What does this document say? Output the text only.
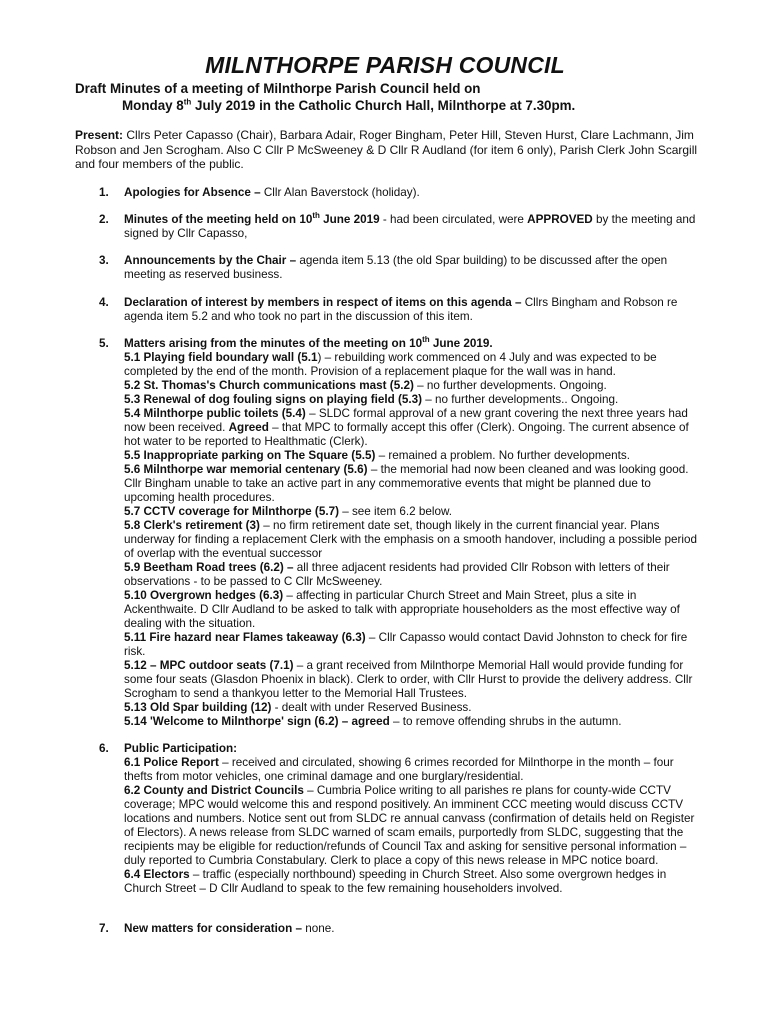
MILNTHORPE PARISH COUNCIL
Draft Minutes of a meeting of Milnthorpe Parish Council held on
Monday 8th July 2019 in the Catholic Church Hall, Milnthorpe at 7.30pm.
Present: Cllrs Peter Capasso (Chair), Barbara Adair, Roger Bingham, Peter Hill, Steven Hurst, Clare Lachmann, Jim Robson and Jen Scrogham. Also C Cllr P McSweeney & D Cllr R Audland (for item 6 only), Parish Clerk John Scargill and four members of the public.
1.	Apologies for Absence – Cllr Alan Baverstock (holiday).
2.	Minutes of the meeting held on 10th June 2019 - had been circulated, were APPROVED by the meeting and signed by Cllr Capasso,
3.	Announcements by the Chair – agenda item 5.13 (the old Spar building) to be discussed after the open meeting as reserved business.
4.	Declaration of interest by members in respect of items on this agenda – Cllrs Bingham and Robson re agenda item 5.2 and who took no part in the discussion of this item.
5.	Matters arising from the minutes of the meeting on 10th June 2019.
5.1 Playing field boundary wall (5.1) – rebuilding work commenced on 4 July and was expected to be completed by the end of the month. Provision of a replacement plaque for the wall was in hand.
5.2 St. Thomas's Church communications mast (5.2) – no further developments. Ongoing.
5.3 Renewal of dog fouling signs on playing field (5.3) – no further developments.. Ongoing.
5.4 Milnthorpe public toilets (5.4) – SLDC formal approval of a new grant covering the next three years had now been received. Agreed – that MPC to formally accept this offer (Clerk). Ongoing. The current absence of hot water to be reported to Healthmatic (Clerk).
5.5 Inappropriate parking on The Square (5.5) – remained a problem. No further developments.
5.6 Milnthorpe war memorial centenary (5.6) – the memorial had now been cleaned and was looking good. Cllr Bingham unable to take an active part in any commemorative events that might be planned due to upcoming health procedures.
5.7 CCTV coverage for Milnthorpe (5.7) – see item 6.2 below.
5.8 Clerk's retirement (3) – no firm retirement date set, though likely in the current financial year. Plans underway for finding a replacement Clerk with the emphasis on a smooth handover, including a possible period of overlap with the eventual successor
5.9 Beetham Road trees (6.2) – all three adjacent residents had provided Cllr Robson with letters of their observations - to be passed to C Cllr McSweeney.
5.10 Overgrown hedges (6.3) – affecting in particular Church Street and Main Street, plus a site in Ackenthwaite. D Cllr Audland to be asked to talk with appropriate householders as the most effective way of dealing with the situation.
5.11 Fire hazard near Flames takeaway (6.3) – Cllr Capasso would contact David Johnston to check for fire risk.
5.12 – MPC outdoor seats (7.1) – a grant received from Milnthorpe Memorial Hall would provide funding for some four seats (Glasdon Phoenix in black). Clerk to order, with Cllr Hurst to provide the delivery address. Cllr Scrogham to send a thankyou letter to the Memorial Hall Trustees.
5.13 Old Spar building (12) - dealt with under Reserved Business.
5.14 'Welcome to Milnthorpe' sign (6.2) – agreed – to remove offending shrubs in the autumn.
6.	Public Participation:
6.1 Police Report – received and circulated, showing 6 crimes recorded for Milnthorpe in the month – four thefts from motor vehicles, one criminal damage and one burglary/residential.
6.2 County and District Councils – Cumbria Police writing to all parishes re plans for county-wide CCTV coverage; MPC would welcome this and respond positively. An imminent CCC meeting would discuss CCTV locations and numbers. Notice sent out from SLDC re annual canvass (confirmation of details held on Register of Electors). A news release from SLDC warned of scam emails, purportedly from SLDC, suggesting that the recipients may be eligible for reduction/refunds of Council Tax and asking for sensitive personal information – duly reported to Cumbria Constabulary. Clerk to place a copy of this news release in MPC notice board.
6.4 Electors – traffic (especially northbound) speeding in Church Street. Also some overgrown hedges in Church Street – D Cllr Audland to speak to the few remaining householders involved.
7.	New matters for consideration – none.
